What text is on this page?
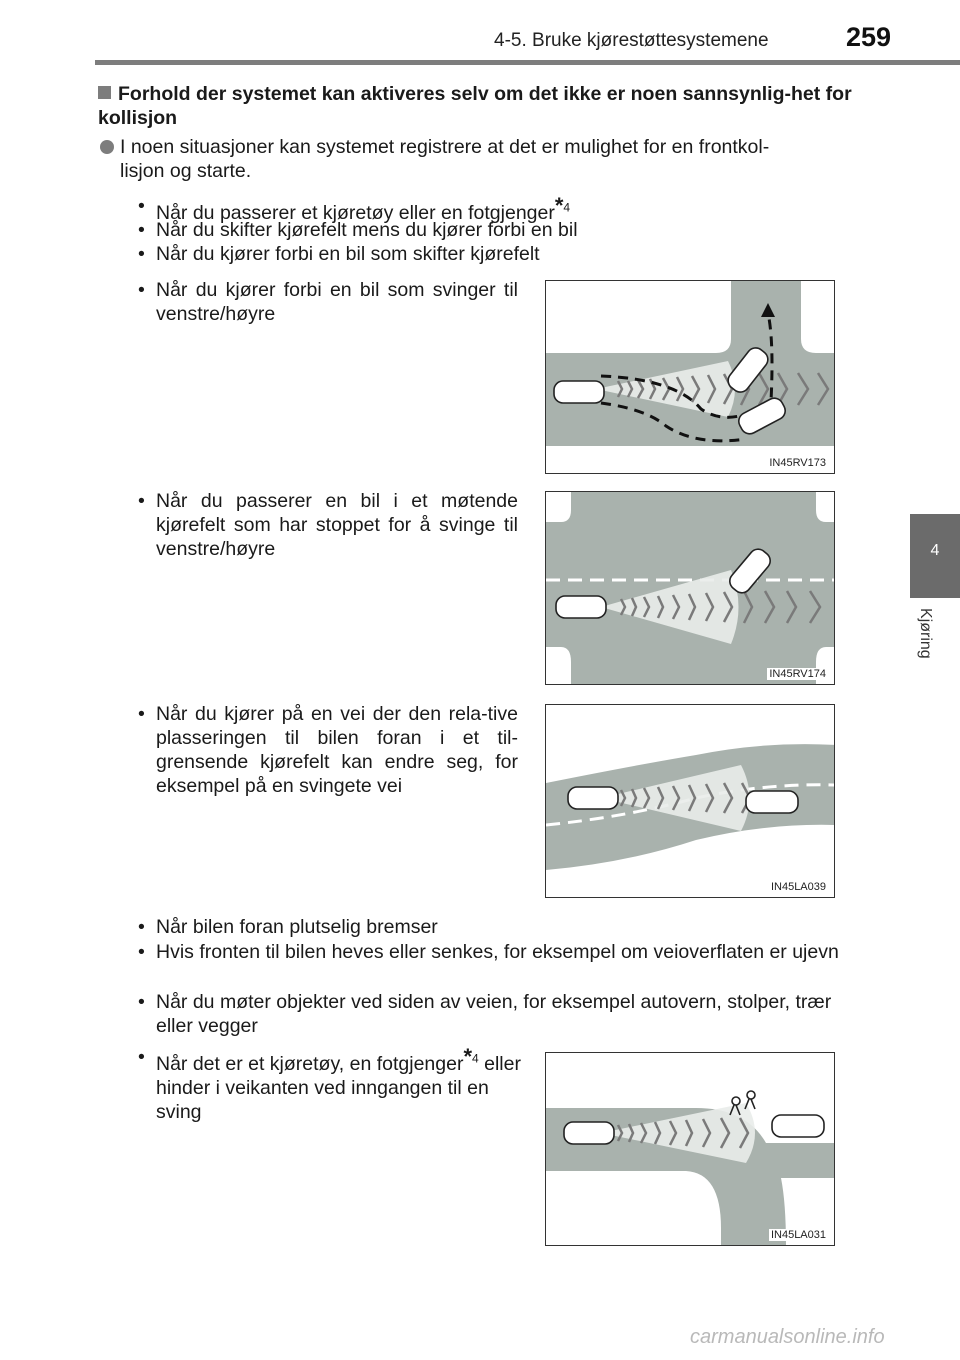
4-5. Bruke kjørestøttesystemene	259
4
Kjøring
Forhold der systemet kan aktiveres selv om det ikke er noen sannsynlig-het for kollisjon
I noen situasjoner kan systemet registrere at det er mulighet for en frontkol-
lisjon og starte.
• Når du passerer et kjøretøy eller en fotgjenger*$^4$
• Når du skifter kjørefelt mens du kjører forbi en bil
• Når du kjører forbi en bil som skifter kjørefelt
• Når du kjører forbi en bil som svinger til venstre/høyre
• Når du passerer en bil i et møtende kjørefelt som har stoppet for å svinge til venstre/høyre
• Når du kjører på en vei der den rela-tive plasseringen til bilen foran i et til-grensende kjørefelt kan endre seg, for eksempel på en svingete vei
IN45RV173
IN45RV174
IN45LA039
• Når bilen foran plutselig bremser
• Hvis fronten til bilen heves eller senkes, for eksempel om veioverflaten er ujevn
• Når du møter objekter ved siden av veien, for eksempel autovern, stolper, trær eller vegger
• Når det er et kjøretøy, en fotgjenger*$^4$ eller hinder i veikanten ved inngangen til en sving
IN45LA031
carmanualsonline.info
